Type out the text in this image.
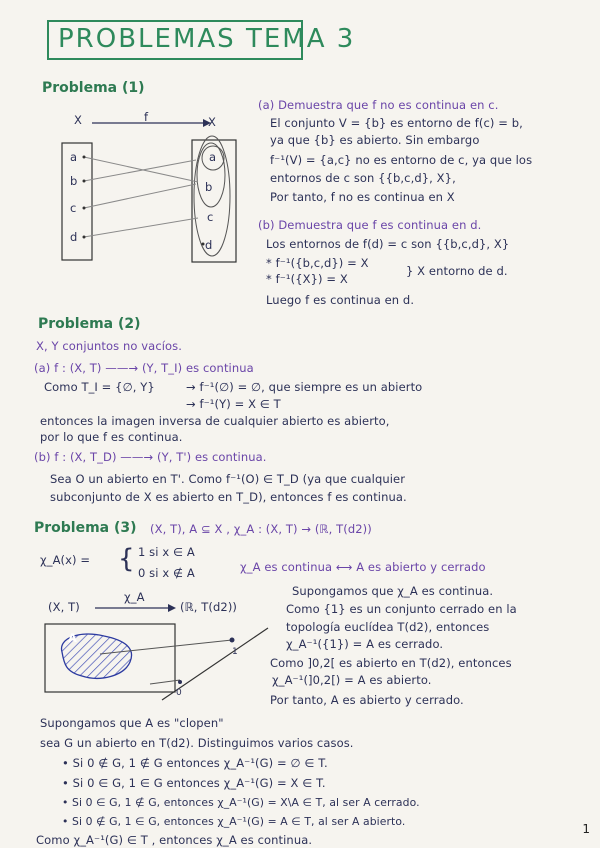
PROBLEMAS TEMA 3
Problema (1)
X	f	X
a
b
c
d
a
b
c
d
(a) Demuestra que f no es continua en c.
El conjunto V = {b} es entorno de f(c) = b,
ya que {b} es abierto. Sin embargo
f⁻¹(V) = {a,c} no es entorno de c, ya que los
entornos de c son {{b,c,d}, X},
Por tanto, f no es continua en X
(b) Demuestra que f es continua en d.
Los entornos de f(d) = c son {{b,c,d}, X}
* f⁻¹({b,c,d}) = X
* f⁻¹({X}) = X
} X entorno de d.
Luego f es continua en d.
Problema (2)
X, Y conjuntos no vacíos.
(a) f : (X, T) ——→ (Y, T_I) es continua
Como T_I = {∅, Y}	→ f⁻¹(∅) = ∅, que siempre es un abierto
→ f⁻¹(Y) = X ∈ T
entonces la imagen inversa de cualquier abierto es abierto,
por lo que f es continua.
(b) f : (X, T_D) ——→ (Y, T') es continua.
Sea O un abierto en T'. Como f⁻¹(O) ∈ T_D (ya que cualquier
subconjunto de X es abierto en T_D), entonces f es continua.
Problema (3) (X, T), A ⊆ X , χ_A : (X, T) → (ℝ, T(d2))
χ_A(x) = { 1 si x ∈ A
0 si x ∉ A	χ_A es continua ⟷ A es abierto y cerrado
(X, T)
χ_A
(ℝ, T(d2))
A
1
0
Supongamos que χ_A es continua.
Como {1} es un conjunto cerrado en la
topología euclídea T(d2), entonces
χ_A⁻¹({1}) = A es cerrado.
Como ]0,2[ es abierto en T(d2), entonces
χ_A⁻¹(]0,2[) = A es abierto.
Por tanto, A es abierto y cerrado.
Supongamos que A es "clopen"
sea G un abierto en T(d2). Distinguimos varios casos.
• Si 0 ∉ G, 1 ∉ G entonces χ_A⁻¹(G) = ∅ ∈ T.
• Si 0 ∈ G, 1 ∈ G entonces χ_A⁻¹(G) = X ∈ T.
• Si 0 ∈ G, 1 ∉ G, entonces χ_A⁻¹(G) = X\A ∈ T, al ser A cerrado.
• Si 0 ∉ G, 1 ∈ G, entonces χ_A⁻¹(G) = A ∈ T, al ser A abierto.
Como χ_A⁻¹(G) ∈ T , entonces χ_A es continua.
1
